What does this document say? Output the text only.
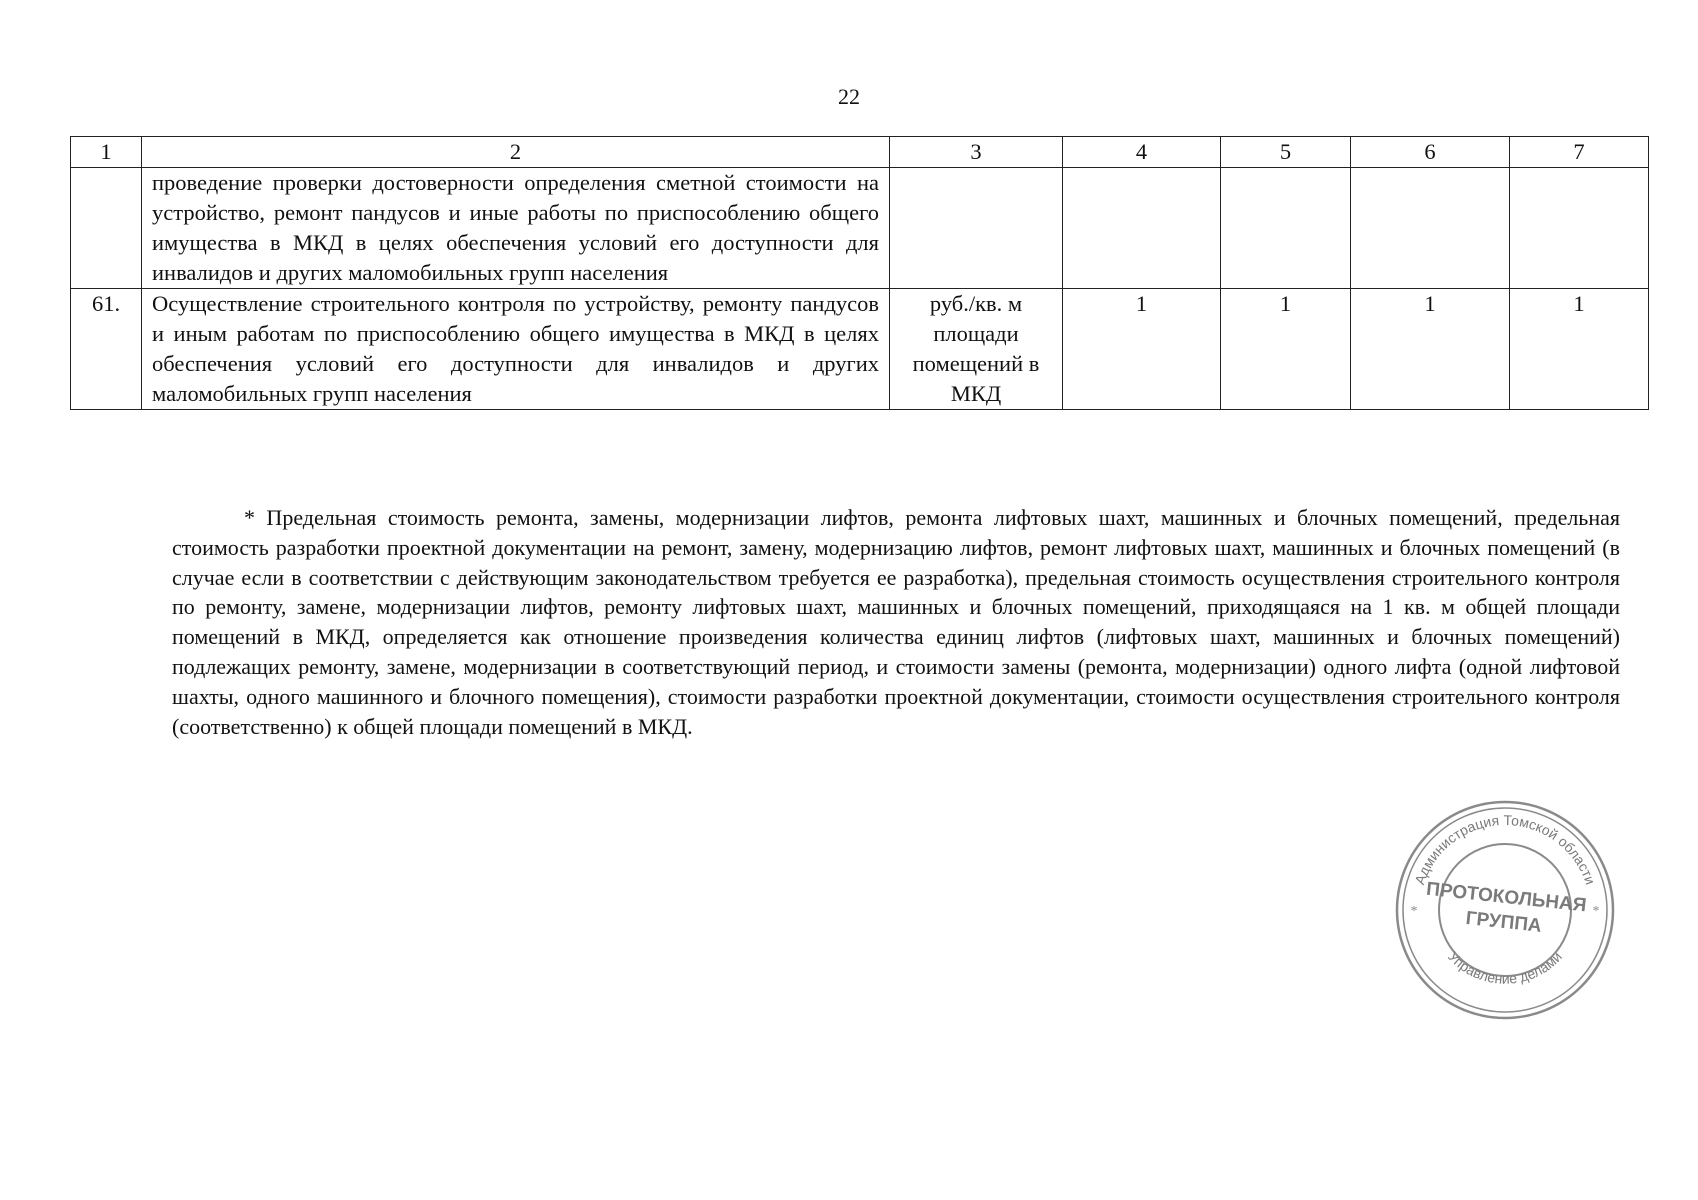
22
1	2	3	4	5	6	7
	проведение проверки достоверности определения сметной стоимости на устройство, ремонт пандусов и иные работы по приспособлению общего имущества в МКД в целях обеспечения условий его доступности для инвалидов и других маломобильных групп населения					
61.	Осуществление строительного контроля по устройству, ремонту пандусов и иным работам по приспособлению общего имущества в МКД в целях обеспечения условий его доступности для инвалидов и других маломобильных групп населения	руб./кв. м площади помещений в МКД	1	1	1	1
* Предельная стоимость ремонта, замены, модернизации лифтов, ремонта лифтовых шахт, машинных и блочных помещений, предельная стоимость разработки проектной документации на ремонт, замену, модернизацию лифтов, ремонт лифтовых шахт, машинных и блочных помещений (в случае если в соответствии с действующим законодательством требуется ее разработка), предельная стоимость осуществления строительного контроля по ремонту, замене, модернизации лифтов, ремонту лифтовых шахт, машинных и блочных помещений, приходящаяся на 1 кв. м общей площади помещений в МКД, определяется как отношение произведения количества единиц лифтов (лифтовых шахт, машинных и блочных помещений) подлежащих ремонту, замене, модернизации в соответствующий период, и стоимости замены (ремонта, модернизации) одного лифта (одной лифтовой шахты, одного машинного и блочного помещения), стоимости разработки проектной документации, стоимости осуществления строительного контроля (соответственно) к общей площади помещений в МКД.
Администрация Томской области
Управление делами
*	*
ПРОТОКОЛЬНАЯ
ГРУППА
